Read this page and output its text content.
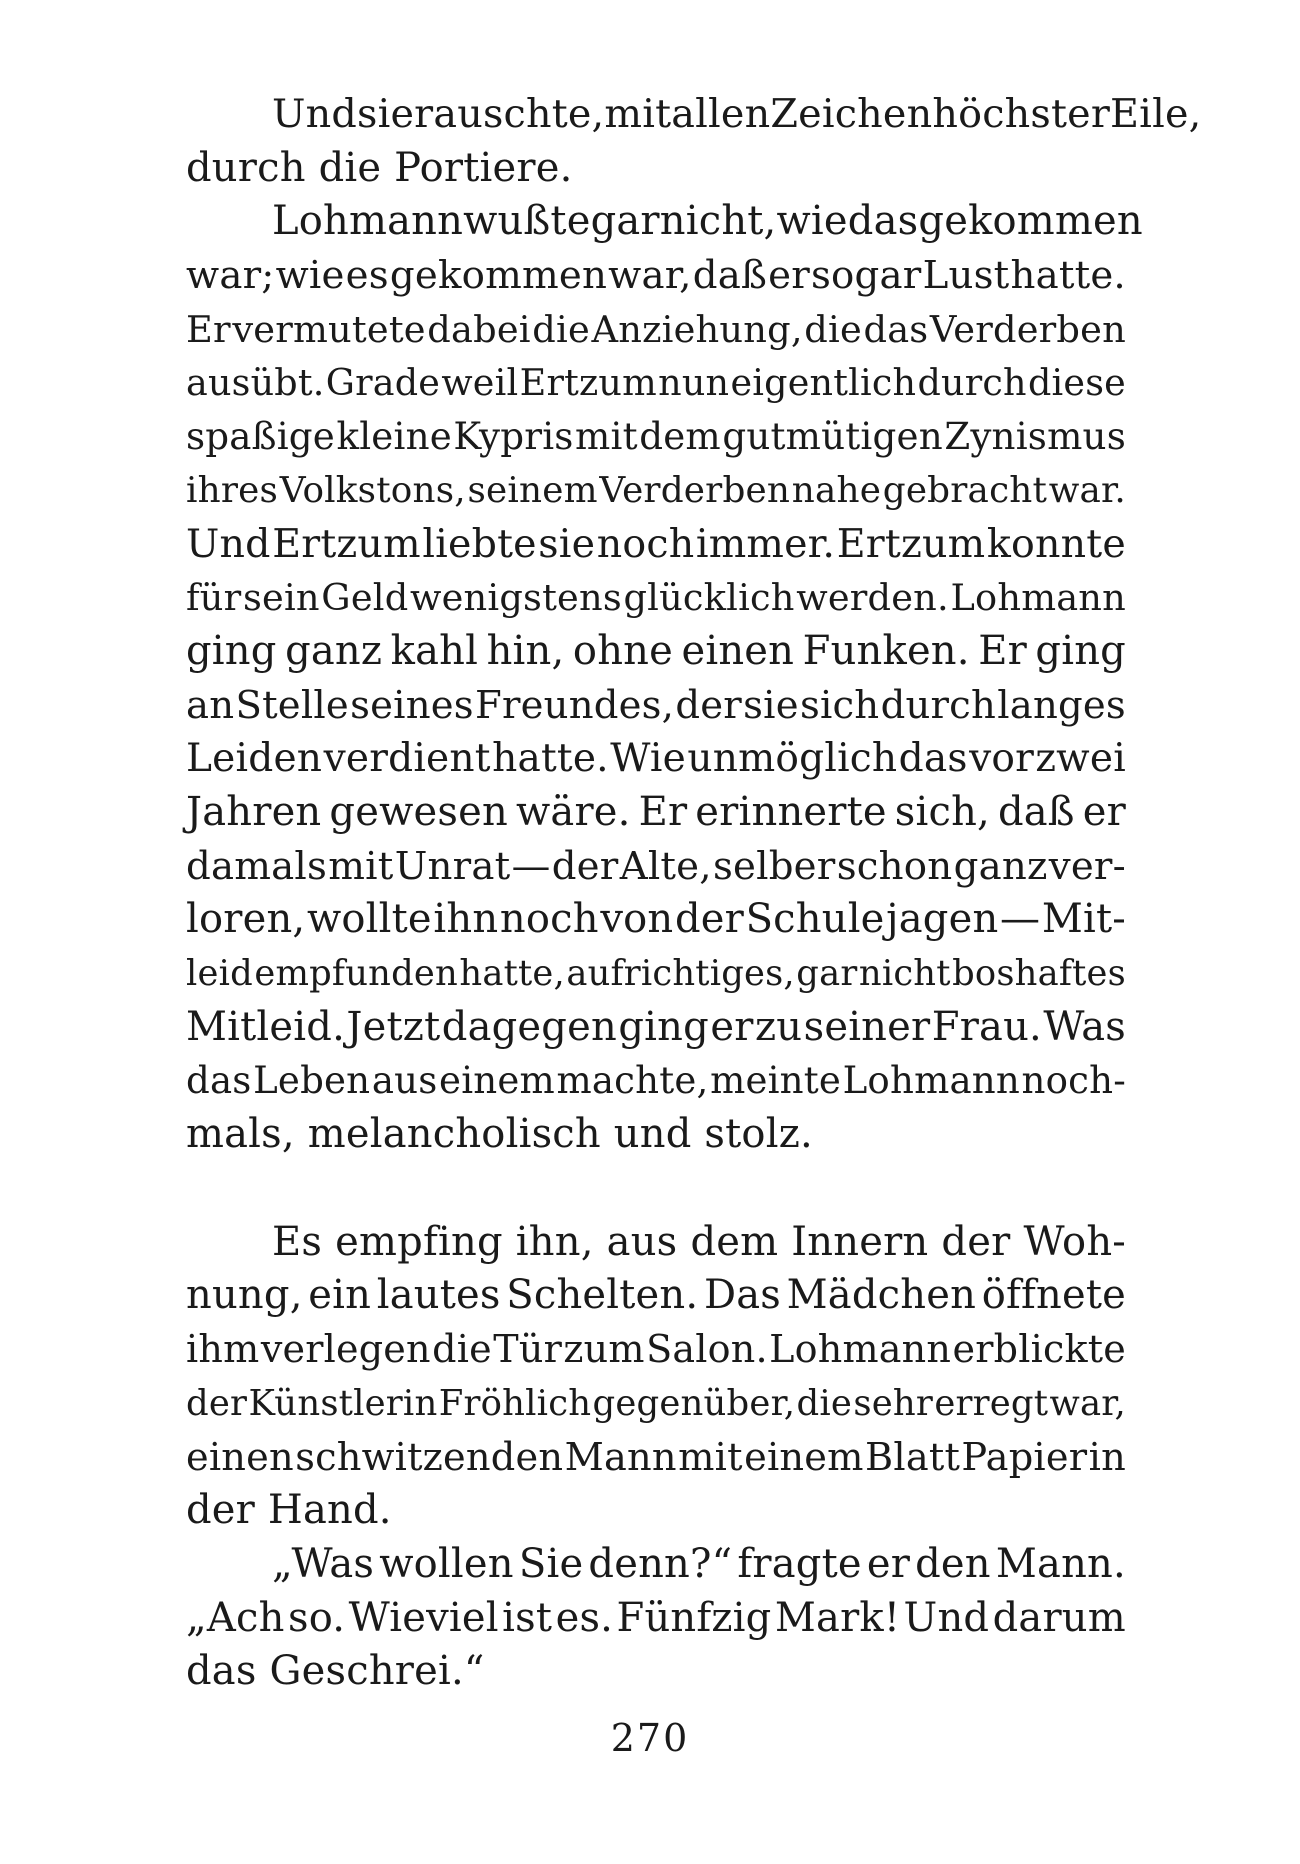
Und sie rauschte, mit allen Zeichen höchster Eile,
durch die Portiere.
Lohmann wußte gar nicht, wie das gekommen
war; wie es gekommen war, daß er sogar Lust hatte.
Er vermutete dabei die Anziehung, die das Verderben
ausübt. Grade weil Ertzum nun eigentlich durch diese
spaßige kleine Kypris mit dem gutmütigen Zynismus
ihres Volkstons, seinem Verderben nahe gebracht war.
Und Ertzum liebte sie noch immer. Ertzum konnte
für sein Geld wenigstens glücklich werden. Lohmann
ging ganz kahl hin, ohne einen Funken. Er ging
an Stelle seines Freundes, der sie sich durch langes
Leiden verdient hatte. Wie unmöglich das vor zwei
Jahren gewesen wäre. Er erinnerte sich, daß er
damals mit Unrat — der Alte, selber schon ganz ver-
loren, wollte ihn noch von der Schule jagen — Mit-
leid empfunden hatte, aufrichtiges, gar nicht boshaftes
Mitleid. Jetzt dagegen ging er zu seiner Frau. Was
das Leben aus einem machte, meinte Lohmann noch-
mals, melancholisch und stolz.
Es empfing ihn, aus dem Innern der Woh-
nung, ein lautes Schelten. Das Mädchen öffnete
ihm verlegen die Tür zum Salon. Lohmann erblickte
der Künstlerin Fröhlich gegenüber, die sehr erregt war,
einen schwitzenden Mann mit einem Blatt Papier in
der Hand.
„Was wollen Sie denn?“ fragte er den Mann.
„Ach so. Wieviel ist es. Fünfzig Mark! Und darum
das Geschrei.“
270
